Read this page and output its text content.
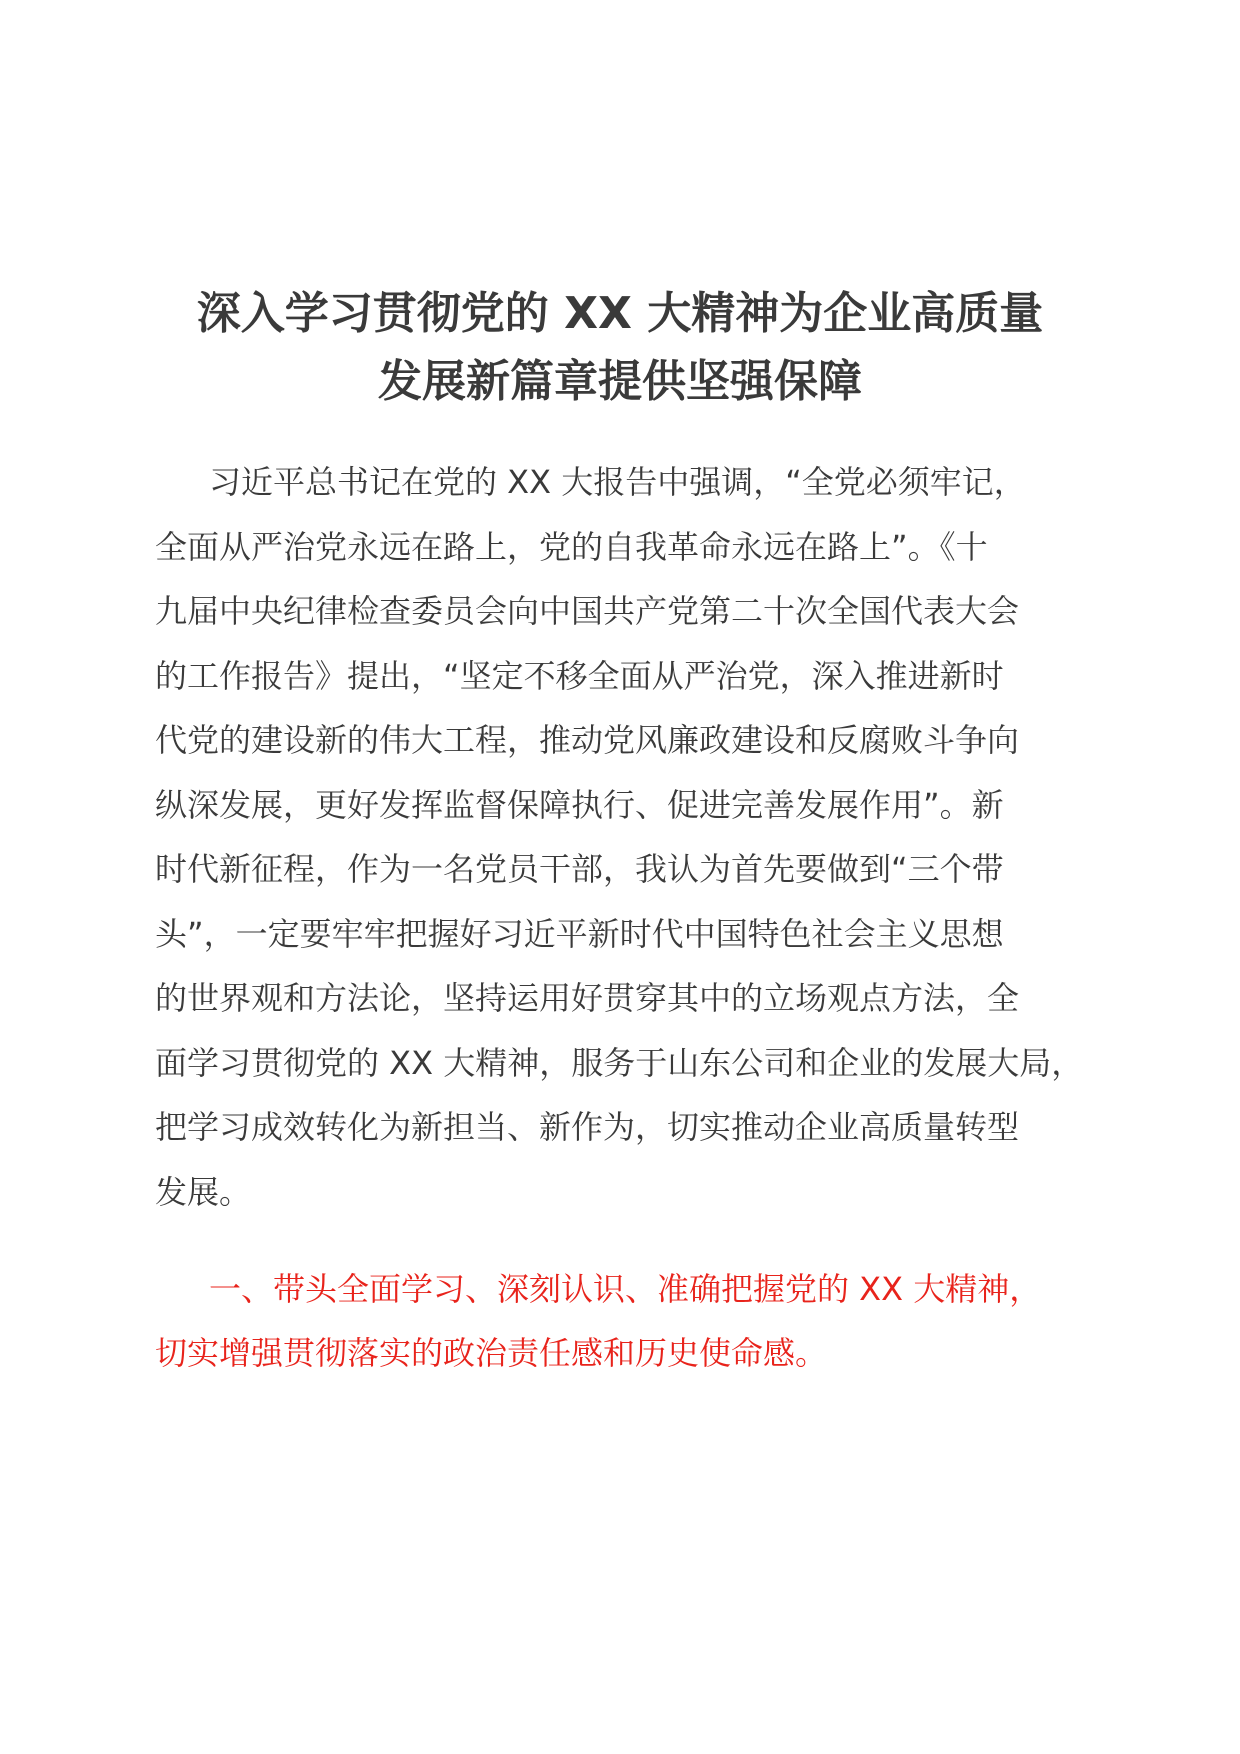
深入学习贯彻党的 XX 大精神为企业高质量
发展新篇章提供坚强保障
习近平总书记在党的 XX 大报告中强调，“全党必须牢记，
全面从严治党永远在路上，党的自我革命永远在路上”。《十
九届中央纪律检查委员会向中国共产党第二十次全国代表大会
的工作报告》提出，“坚定不移全面从严治党，深入推进新时
代党的建设新的伟大工程，推动党风廉政建设和反腐败斗争向
纵深发展，更好发挥监督保障执行、促进完善发展作用”。新
时代新征程，作为一名党员干部，我认为首先要做到“三个带
头”，一定要牢牢把握好习近平新时代中国特色社会主义思想
的世界观和方法论，坚持运用好贯穿其中的立场观点方法，全
面学习贯彻党的 XX 大精神，服务于山东公司和企业的发展大局，
把学习成效转化为新担当、新作为，切实推动企业高质量转型
发展。
一、带头全面学习、深刻认识、准确把握党的 XX 大精神，
切实增强贯彻落实的政治责任感和历史使命感。
